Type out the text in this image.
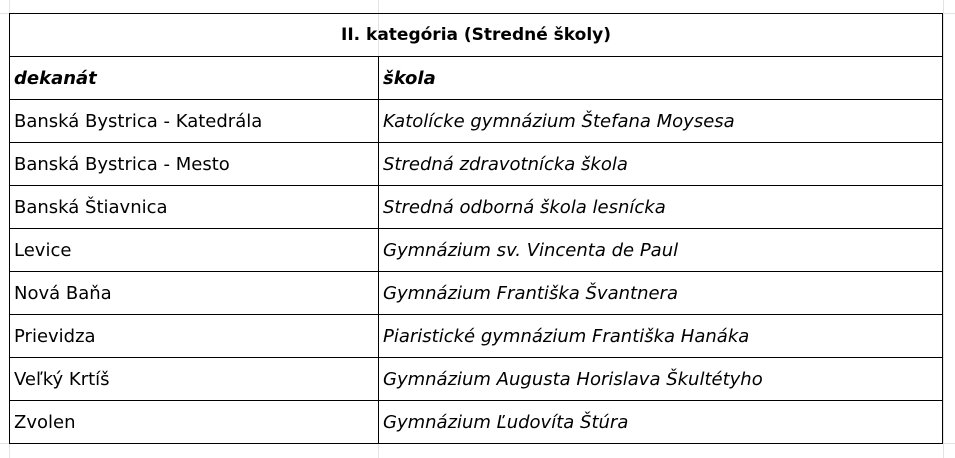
II. kategória (Stredné školy)	
dekanát	škola
Banská Bystrica - Katedrála	Katolícke gymnázium Štefana Moysesa
Banská Bystrica - Mesto	Stredná zdravotnícka škola
Banská Štiavnica	Stredná odborná škola lesnícka
Levice	Gymnázium sv. Vincenta de Paul
Nová Baňa	Gymnázium Františka Švantnera
Prievidza	Piaristické gymnázium Františka Hanáka
Veľký Krtíš	Gymnázium Augusta Horislava Škultétyho
Zvolen	Gymnázium Ľudovíta Štúra
